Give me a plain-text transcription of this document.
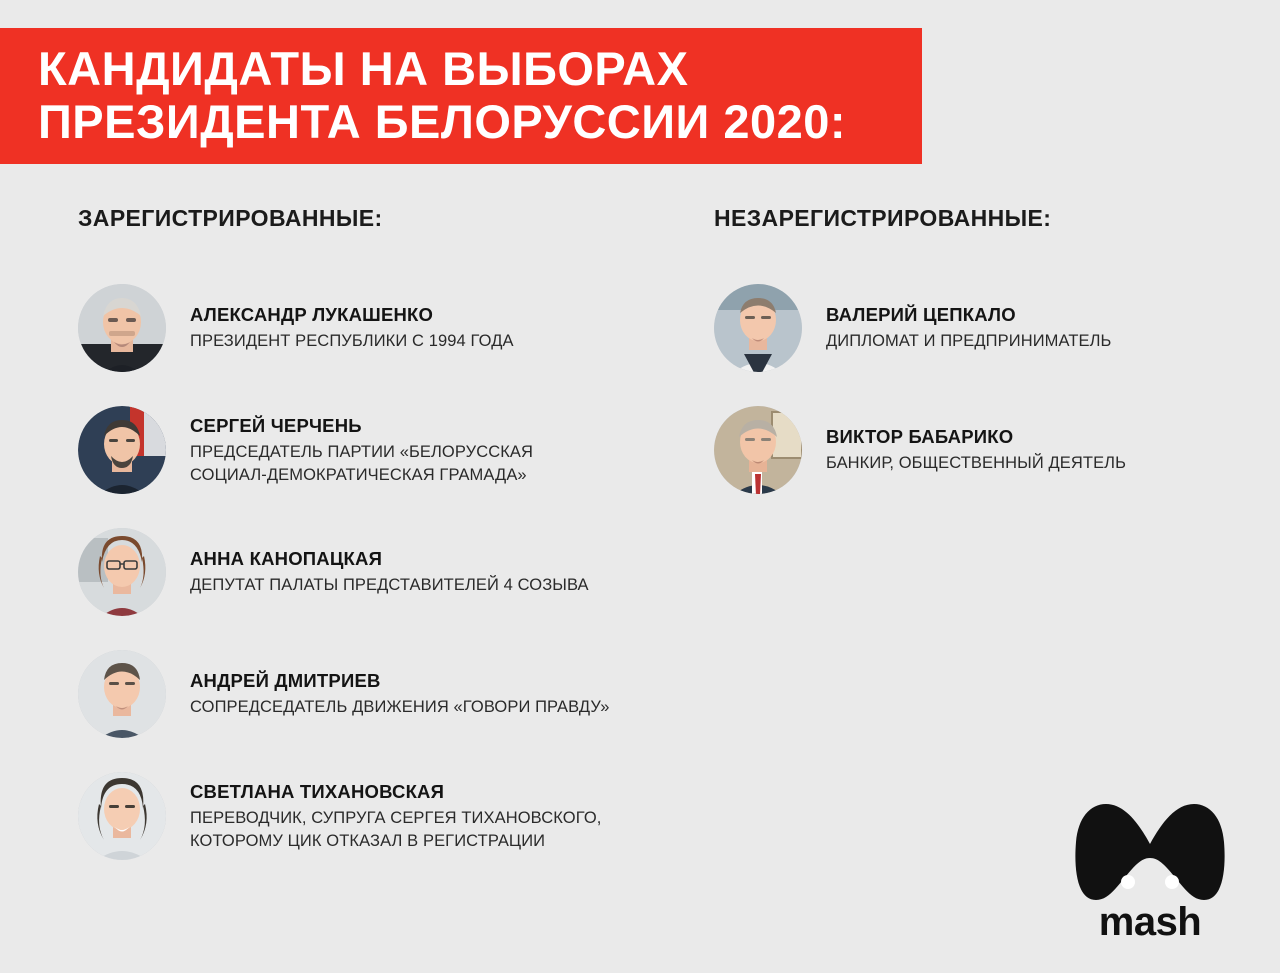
КАНДИДАТЫ НА ВЫБОРАХ
ПРЕЗИДЕНТА БЕЛОРУССИИ 2020:
ЗАРЕГИСТРИРОВАННЫЕ:
АЛЕКСАНДР ЛУКАШЕНКО
ПРЕЗИДЕНТ РЕСПУБЛИКИ С 1994 ГОДА
СЕРГЕЙ ЧЕРЧЕНЬ
ПРЕДСЕДАТЕЛЬ ПАРТИИ «БЕЛОРУССКАЯ
СОЦИАЛ-ДЕМОКРАТИЧЕСКАЯ ГРАМАДА»
АННА КАНОПАЦКАЯ
ДЕПУТАТ ПАЛАТЫ ПРЕДСТАВИТЕЛЕЙ 4 СОЗЫВА
АНДРЕЙ ДМИТРИЕВ
СОПРЕДСЕДАТЕЛЬ ДВИЖЕНИЯ «ГОВОРИ ПРАВДУ»
СВЕТЛАНА ТИХАНОВСКАЯ
ПЕРЕВОДЧИК, СУПРУГА СЕРГЕЯ ТИХАНОВСКОГО,
КОТОРОМУ ЦИК ОТКАЗАЛ В РЕГИСТРАЦИИ
НЕЗАРЕГИСТРИРОВАННЫЕ:
ВАЛЕРИЙ ЦЕПКАЛО
ДИПЛОМАТ И ПРЕДПРИНИМАТЕЛЬ
ВИКТОР БАБАРИКО
БАНКИР, ОБЩЕСТВЕННЫЙ ДЕЯТЕЛЬ
mash
